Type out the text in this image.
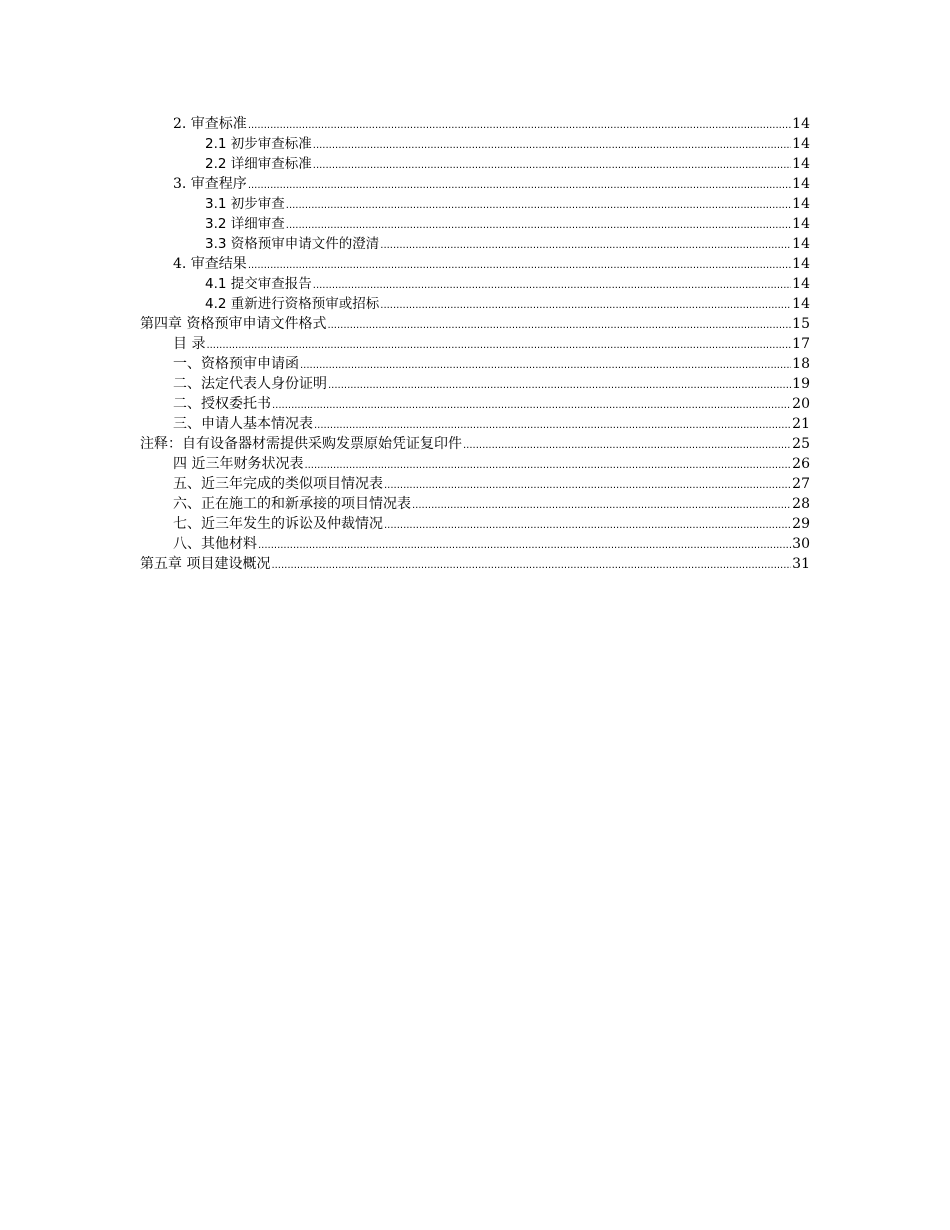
2. 审查标准 .....	14
2.1 初步审查标准 .....	14
2.2 详细审查标准 .....	14
3. 审查程序 .....	14
3.1 初步审查 .....	14
3.2 详细审查 .....	14
3.3 资格预审申请文件的澄清 .....	14
4. 审查结果 .....	14
4.1 提交审查报告 .....	14
4.2 重新进行资格预审或招标 .....	14
第四章 资格预审申请文件格式 .....	15
目 录 .....	17
一、资格预审申请函 .....	18
二、法定代表人身份证明 .....	19
二、授权委托书 .....	20
三、申请人基本情况表 .....	21
注释：自有设备器材需提供采购发票原始凭证复印件 .....	25
四 近三年财务状况表 .....	26
五、近三年完成的类似项目情况表 .....	27
六、正在施工的和新承接的项目情况表 .....	28
七、近三年发生的诉讼及仲裁情况 .....	29
八、其他材料 .....	30
第五章 项目建设概况 .....	31
